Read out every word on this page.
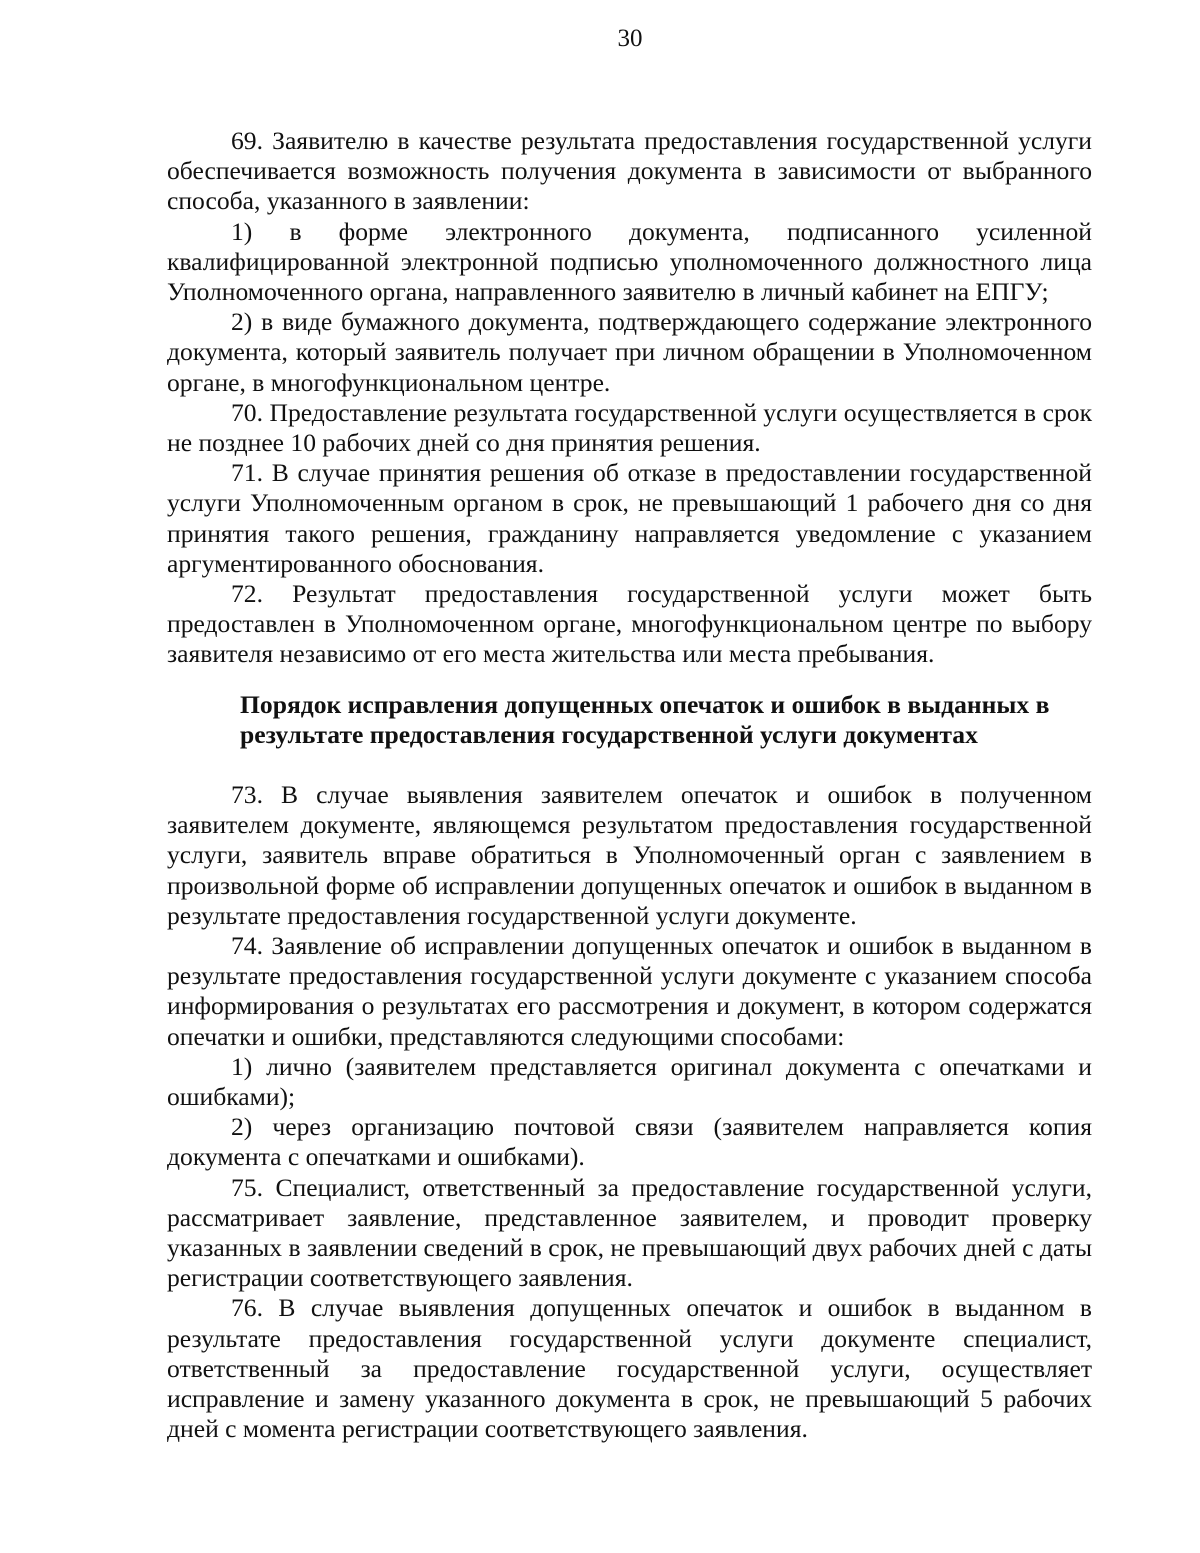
30

69. Заявителю в качестве результата предоставления государственной услуги обеспечивается возможность получения документа в зависимости от выбранного способа, указанного в заявлении:

1) в форме электронного документа, подписанного усиленной квалифицированной электронной подписью уполномоченного должностного лица Уполномоченного органа, направленного заявителю в личный кабинет на ЕПГУ;

2) в виде бумажного документа, подтверждающего содержание электронного документа, который заявитель получает при личном обращении в Уполномоченном органе, в многофункциональном центре.

70. Предоставление результата государственной услуги осуществляется в срок не позднее 10 рабочих дней со дня принятия решения.

71. В случае принятия решения об отказе в предоставлении государственной услуги Уполномоченным органом в срок, не превышающий 1 рабочего дня со дня принятия такого решения, гражданину направляется уведомление с указанием аргументированного обоснования.

72. Результат предоставления государственной услуги может быть предоставлен в Уполномоченном органе, многофункциональном центре по выбору заявителя независимо от его места жительства или места пребывания.

Порядок исправления допущенных опечаток и ошибок в выданных в результате предоставления государственной услуги документах

73. В случае выявления заявителем опечаток и ошибок в полученном заявителем документе, являющемся результатом предоставления государственной услуги, заявитель вправе обратиться в Уполномоченный орган с заявлением в произвольной форме об исправлении допущенных опечаток и ошибок в выданном в результате предоставления государственной услуги документе.

74. Заявление об исправлении допущенных опечаток и ошибок в выданном в результате предоставления государственной услуги документе с указанием способа информирования о результатах его рассмотрения и документ, в котором содержатся опечатки и ошибки, представляются следующими способами:

1) лично (заявителем представляется оригинал документа с опечатками и ошибками);

2) через организацию почтовой связи (заявителем направляется копия документа с опечатками и ошибками).

75. Специалист, ответственный за предоставление государственной услуги, рассматривает заявление, представленное заявителем, и проводит проверку указанных в заявлении сведений в срок, не превышающий двух рабочих дней с даты регистрации соответствующего заявления.

76. В случае выявления допущенных опечаток и ошибок в выданном в результате предоставления государственной услуги документе специалист, ответственный за предоставление государственной услуги, осуществляет исправление и замену указанного документа в срок, не превышающий 5 рабочих дней с момента регистрации соответствующего заявления.
